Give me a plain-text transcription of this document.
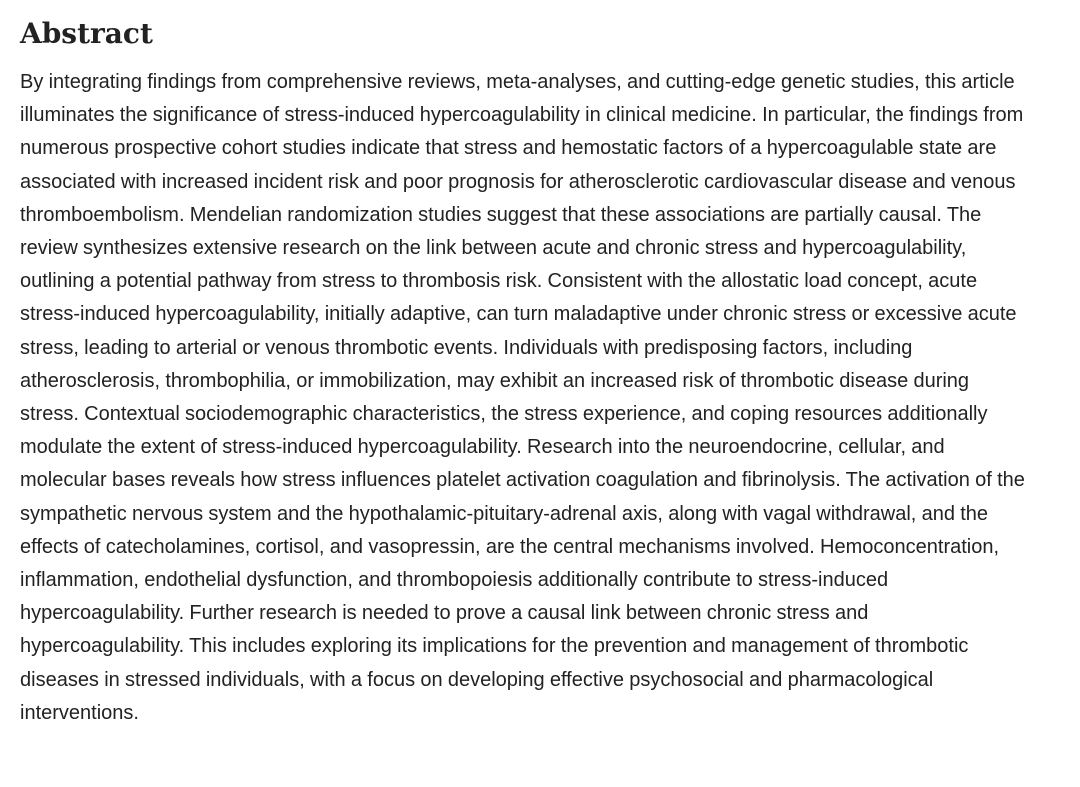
Abstract

By integrating findings from comprehensive reviews, meta-analyses, and cutting-edge genetic studies, this article illuminates the significance of stress-induced hypercoagulability in clinical medicine. In particular, the findings from numerous prospective cohort studies indicate that stress and hemostatic factors of a hypercoagulable state are associated with increased incident risk and poor prognosis for atherosclerotic cardiovascular disease and venous thromboembolism. Mendelian randomization studies suggest that these associations are partially causal. The review synthesizes extensive research on the link between acute and chronic stress and hypercoagulability, outlining a potential pathway from stress to thrombosis risk. Consistent with the allostatic load concept, acute stress-induced hypercoagulability, initially adaptive, can turn maladaptive under chronic stress or excessive acute stress, leading to arterial or venous thrombotic events. Individuals with predisposing factors, including atherosclerosis, thrombophilia, or immobilization, may exhibit an increased risk of thrombotic disease during stress. Contextual sociodemographic characteristics, the stress experience, and coping resources additionally modulate the extent of stress-induced hypercoagulability. Research into the neuroendocrine, cellular, and molecular bases reveals how stress influences platelet activation coagulation and fibrinolysis. The activation of the sympathetic nervous system and the hypothalamic-pituitary-adrenal axis, along with vagal withdrawal, and the effects of catecholamines, cortisol, and vasopressin, are the central mechanisms involved. Hemoconcentration, inflammation, endothelial dysfunction, and thrombopoiesis additionally contribute to stress-induced hypercoagulability. Further research is needed to prove a causal link between chronic stress and hypercoagulability. This includes exploring its implications for the prevention and management of thrombotic diseases in stressed individuals, with a focus on developing effective psychosocial and pharmacological interventions.
